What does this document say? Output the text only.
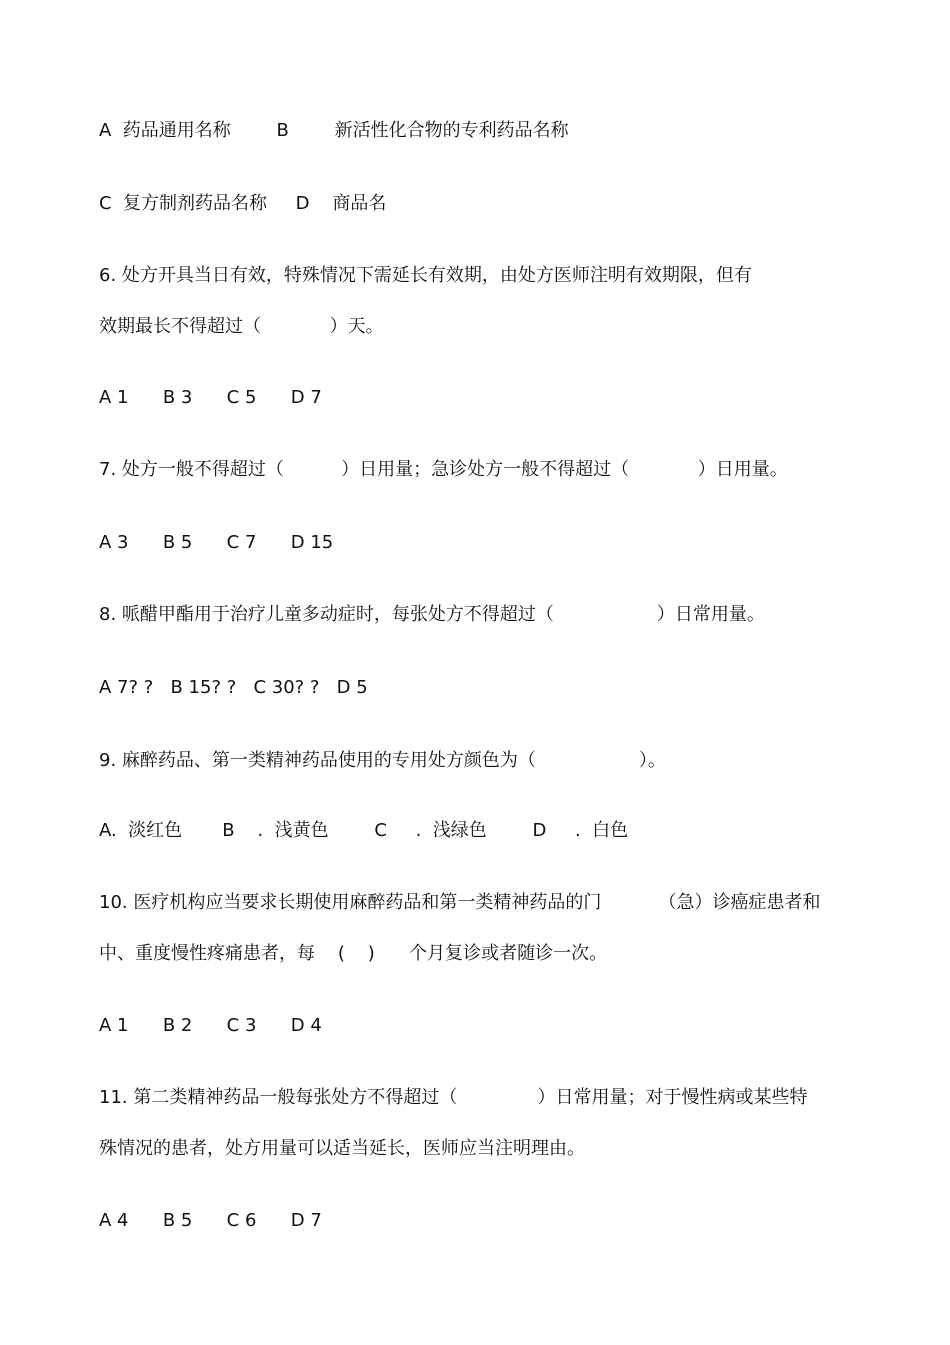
A  药品通用名称        B        新活性化合物的专利药品名称
C  复方制剂药品名称     D    商品名
6. 处方开具当日有效，特殊情况下需延长有效期，由处方医师注明有效期限，但有
效期最长不得超过（            ）天。
A 1      B 3      C 5      D 7
7. 处方一般不得超过（          ）日用量；急诊处方一般不得超过（            ）日用量。
A 3      B 5      C 7      D 15
8. 哌醋甲酯用于治疗儿童多动症时，每张处方不得超过（                  ）日常用量。
A 7? ?   B 15? ?   C 30? ?   D 5
9. 麻醉药品、第一类精神药品使用的专用处方颜色为（                  ）。
A.  淡红色       B    .  浅黄色        C     .  浅绿色        D     .  白色
10. 医疗机构应当要求长期使用麻醉药品和第一类精神药品的门          （急）诊癌症患者和
中、重度慢性疼痛患者，每    (    )      个月复诊或者随诊一次。
A 1      B 2      C 3      D 4
11. 第二类精神药品一般每张处方不得超过（              ）日常用量；对于慢性病或某些特
殊情况的患者，处方用量可以适当延长，医师应当注明理由。
A 4      B 5      C 6      D 7
